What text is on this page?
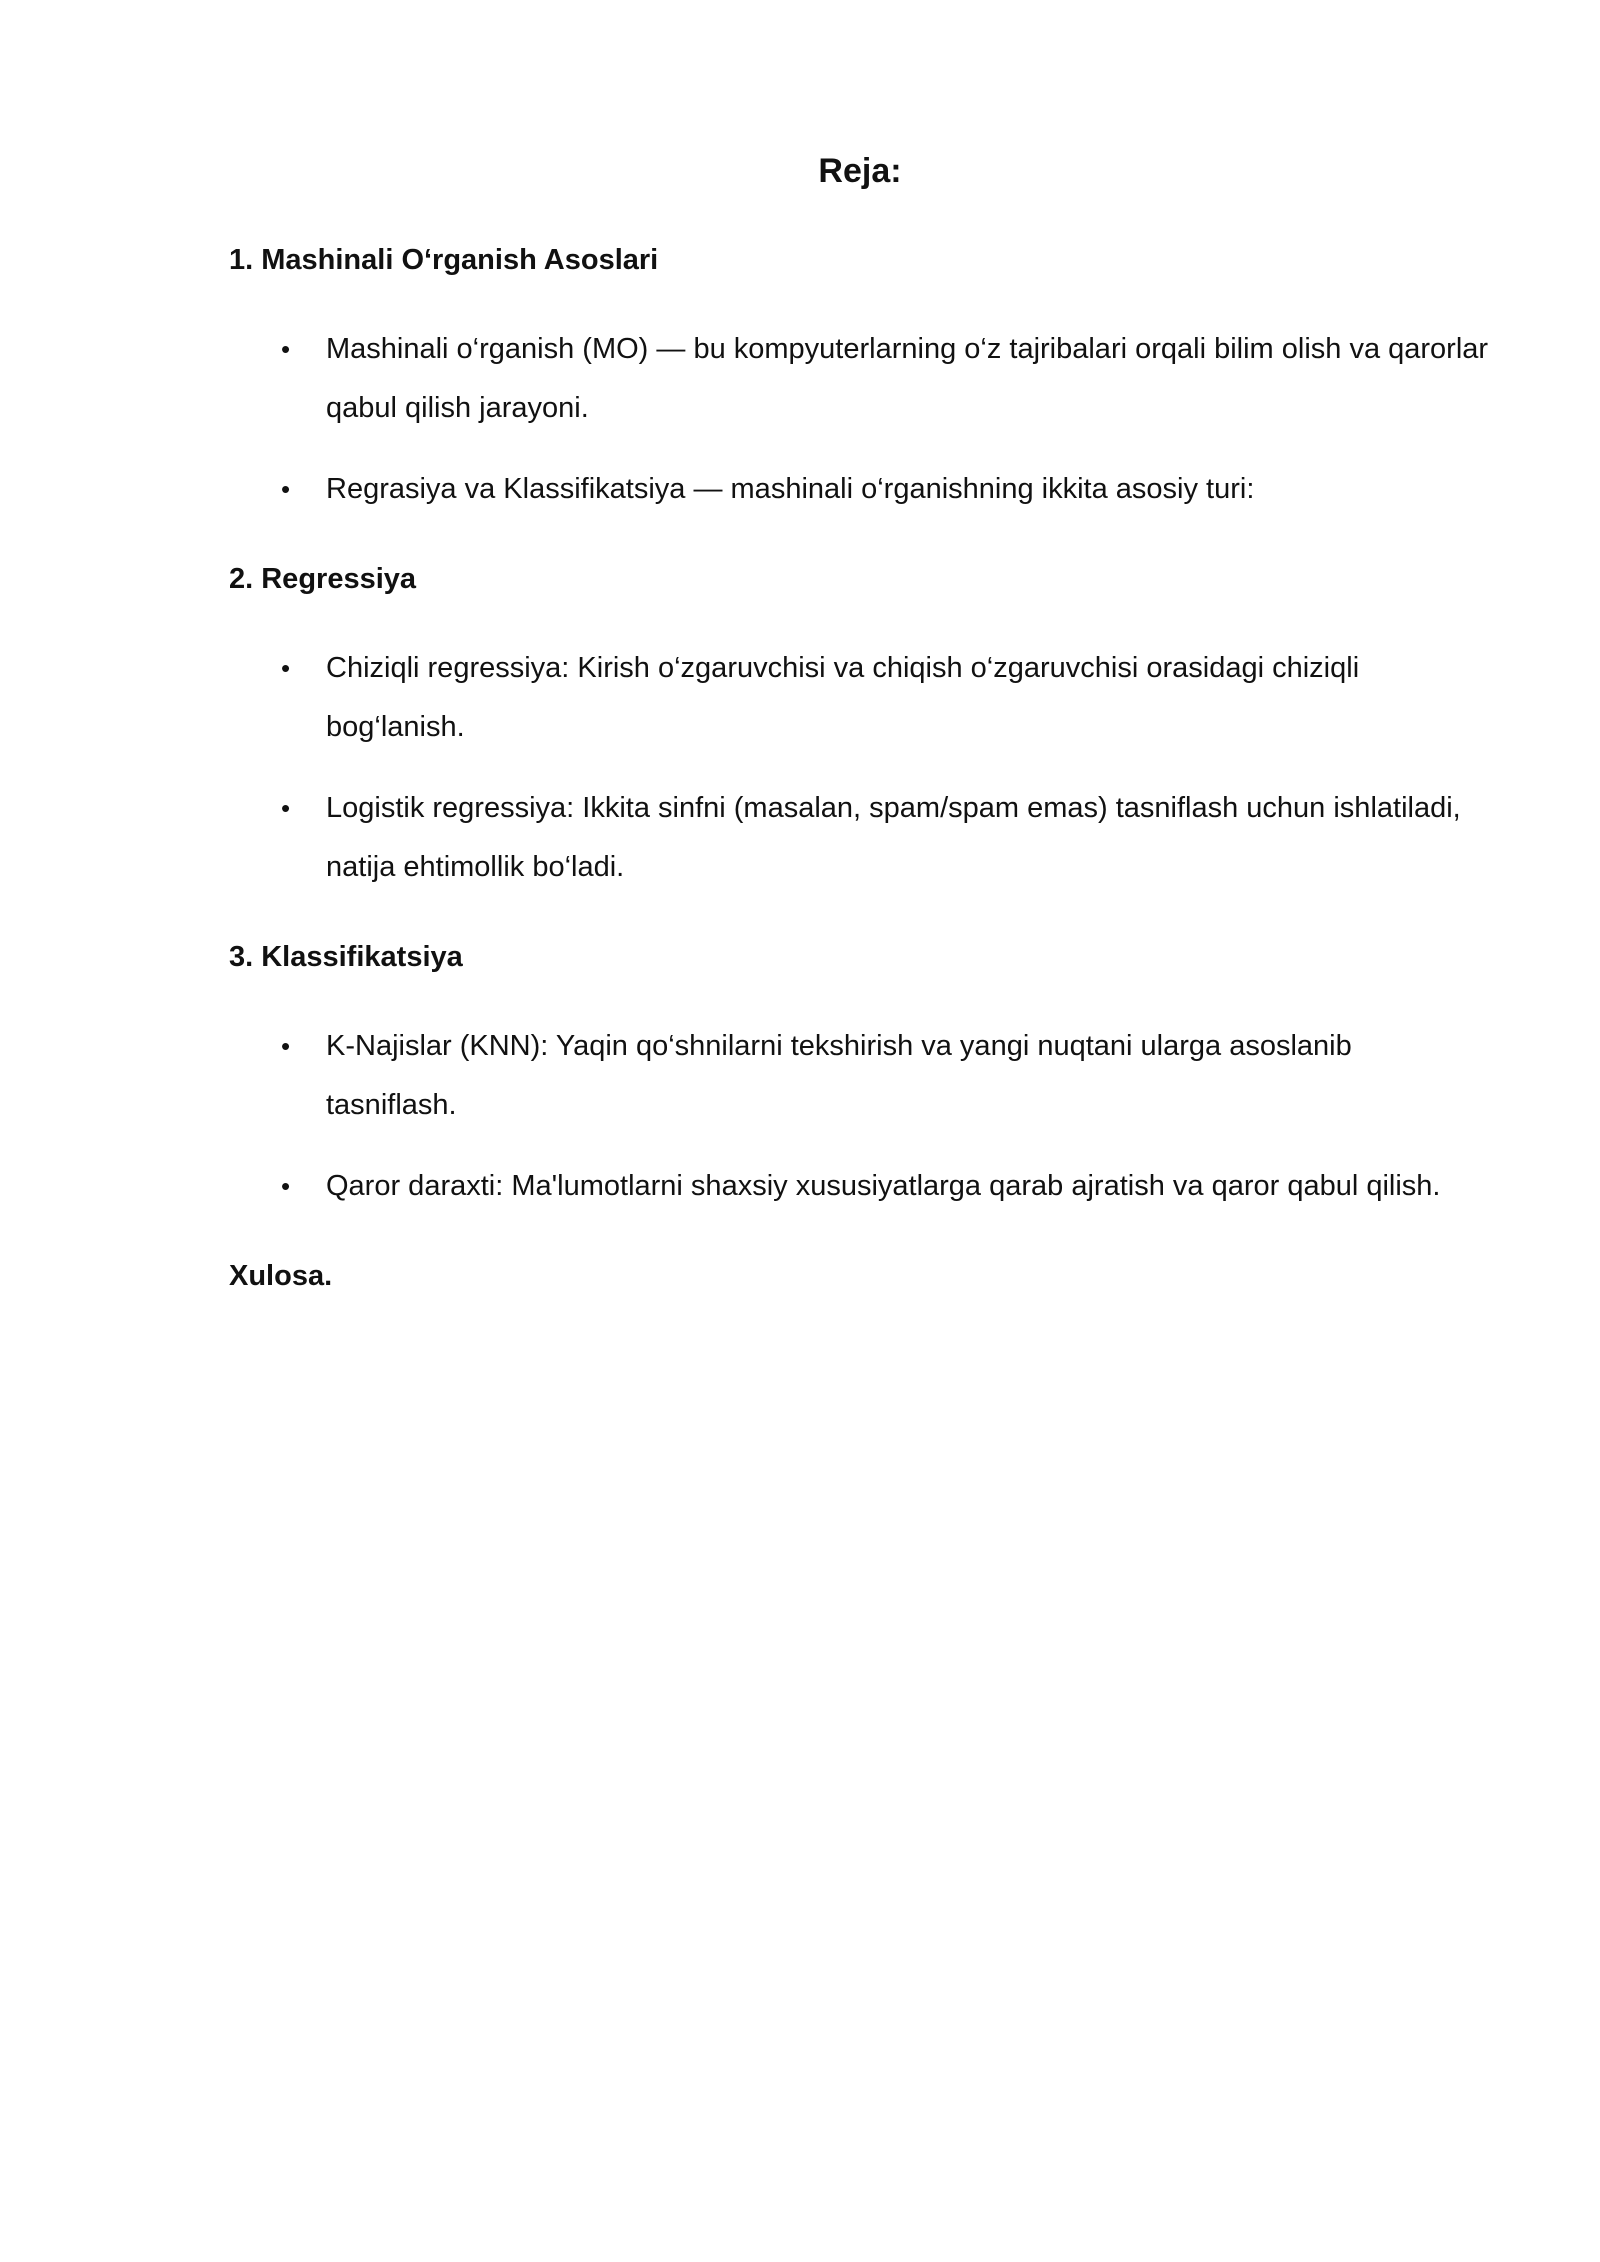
Reja:
1. Mashinali O‘rganish Asoslari
• Mashinali o‘rganish (MO) — bu kompyuterlarning o‘z tajribalari orqali bilim olish va qarorlar qabul qilish jarayoni.
• Regrasiya va Klassifikatsiya — mashinali o‘rganishning ikkita asosiy turi:
2. Regressiya
• Chiziqli regressiya: Kirish o‘zgaruvchisi va chiqish o‘zgaruvchisi orasidagi chiziqli bog‘lanish.
• Logistik regressiya: Ikkita sinfni (masalan, spam/spam emas) tasniflash uchun ishlatiladi, natija ehtimollik bo‘ladi.
3. Klassifikatsiya
• K-Najislar (KNN): Yaqin qo‘shnilarni tekshirish va yangi nuqtani ularga asoslanib tasniflash.
• Qaror daraxti: Ma'lumotlarni shaxsiy xususiyatlarga qarab ajratish va qaror qabul qilish.
Xulosa.
